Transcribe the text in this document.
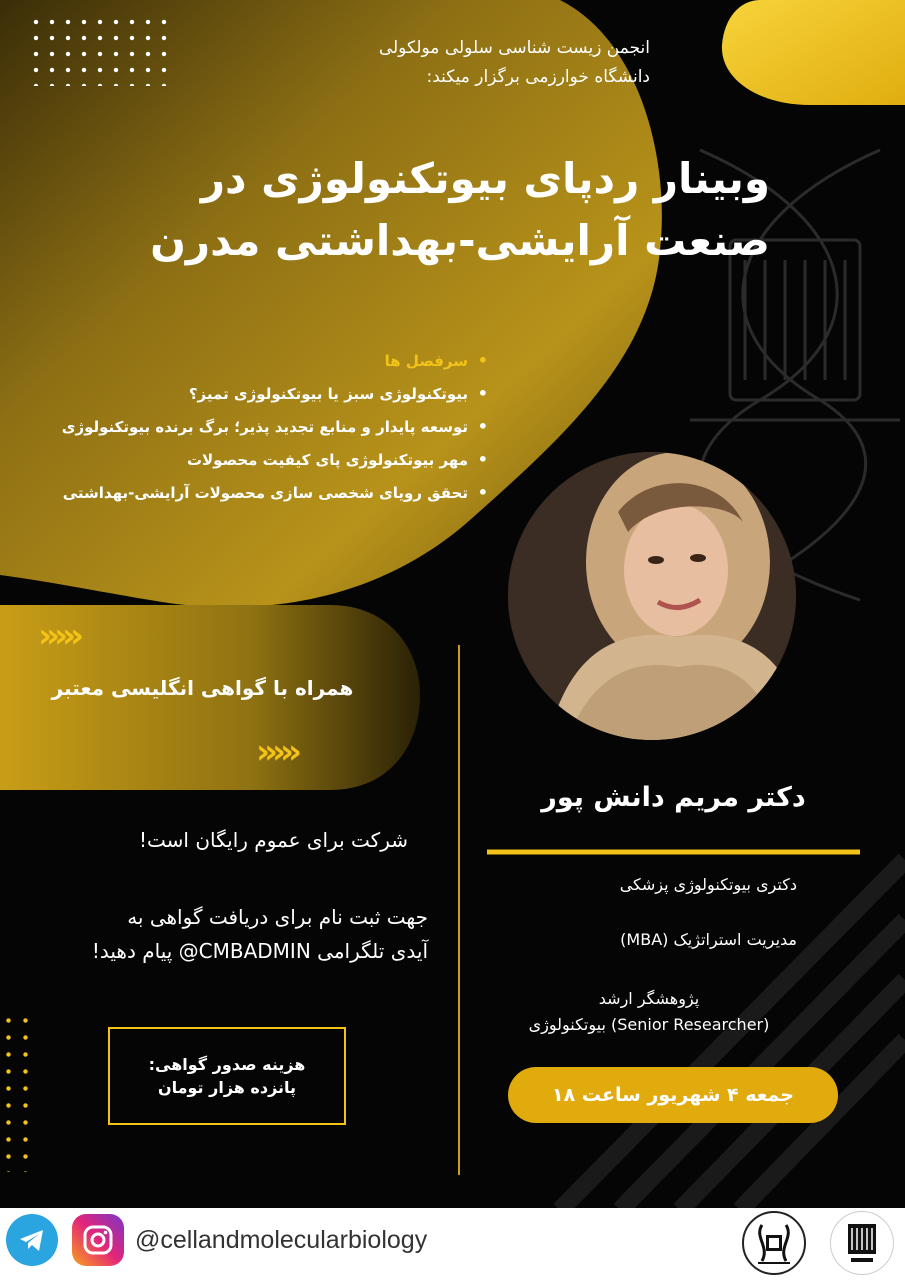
انجمن زیست شناسی سلولی مولکولی
دانشگاه خوارزمی برگزار میکند:
وبینار ردپای بیوتکنولوژی در
صنعت آرایشی-بهداشتی مدرن
• سرفصل ها
• بیوتکنولوژی سبز یا بیوتکنولوژی تمیز؟
• توسعه پایدار و منابع تجدید پذیر؛ برگ برنده بیوتکنولوژی
• مهر بیوتکنولوژی پای کیفیت محصولات
• تحقق رویای شخصی سازی محصولات آرایشی-بهداشتی
›››››
همراه با گواهی انگلیسی معتبر
›››››
شرکت برای عموم رایگان است!
جهت ثبت نام برای دریافت گواهی به
آیدی تلگرامی CMBADMIN@ پیام دهید!
هزینه صدور گواهی:
پانزده هزار تومان
دکتر مریم دانش پور
دکتری بیوتکنولوژی پزشکی
مدیریت استراتژیک (MBA)
پژوهشگر ارشد
(Senior Researcher) بیوتکنولوژی
جمعه ۴ شهریور ساعت ۱۸
@cellandmolecularbiology
